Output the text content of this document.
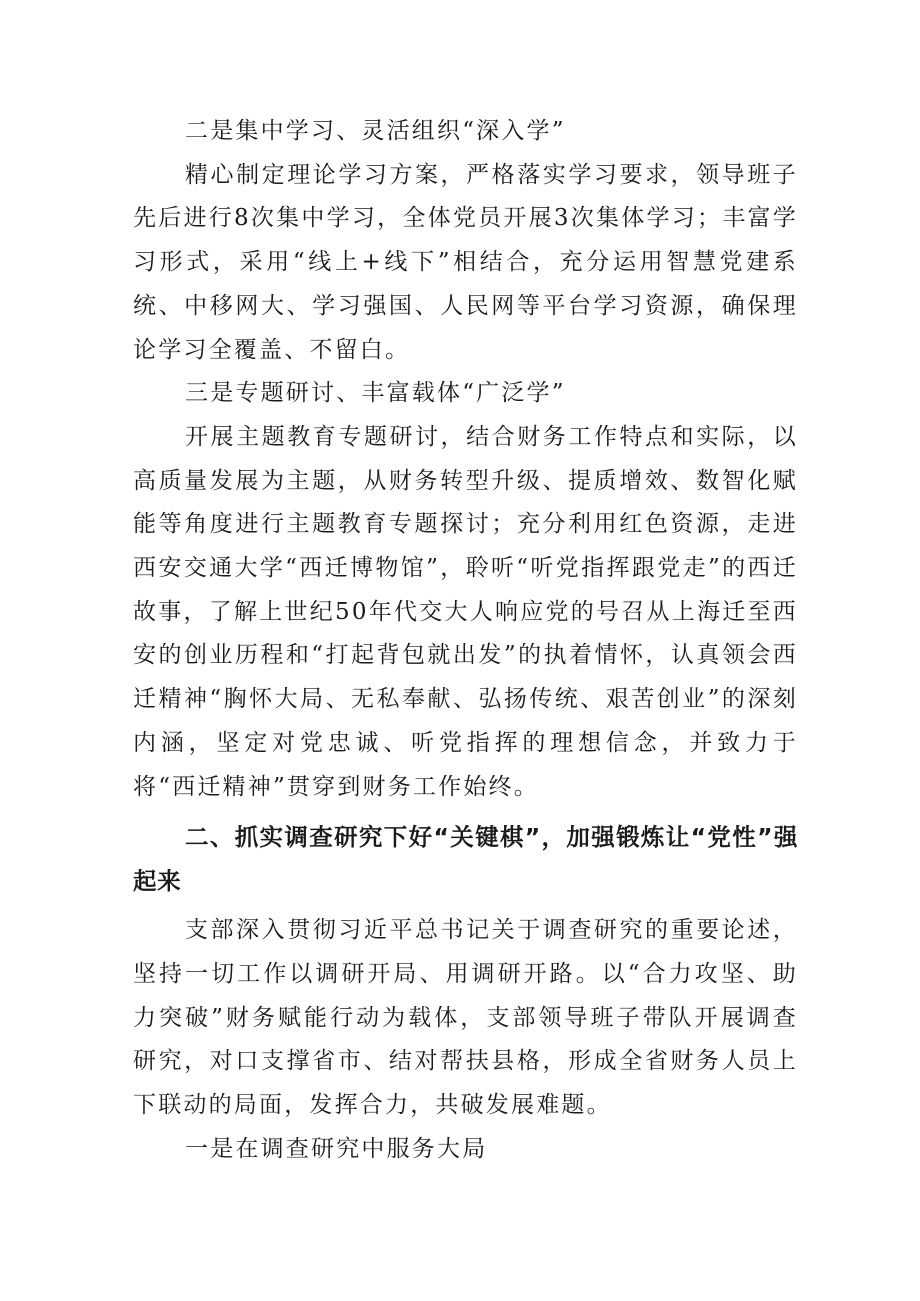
二是集中学习、灵活组织“深入学”

精心制定理论学习方案，严格落实学习要求，领导班子先后进行8次集中学习，全体党员开展3次集体学习；丰富学习形式，采用“线上+线下”相结合，充分运用智慧党建系统、中移网大、学习强国、人民网等平台学习资源，确保理论学习全覆盖、不留白。

三是专题研讨、丰富载体“广泛学”

开展主题教育专题研讨，结合财务工作特点和实际，以高质量发展为主题，从财务转型升级、提质增效、数智化赋能等角度进行主题教育专题探讨；充分利用红色资源，走进西安交通大学“西迁博物馆”，聆听“听党指挥跟党走”的西迁故事，了解上世纪50年代交大人响应党的号召从上海迁至西安的创业历程和“打起背包就出发”的执着情怀，认真领会西迁精神“胸怀大局、无私奉献、弘扬传统、艰苦创业”的深刻内涵，坚定对党忠诚、听党指挥的理想信念，并致力于将“西迁精神”贯穿到财务工作始终。

二、抓实调查研究下好“关键棋”，加强锻炼让“党性”强起来

支部深入贯彻习近平总书记关于调查研究的重要论述，坚持一切工作以调研开局、用调研开路。以“合力攻坚、助力突破”财务赋能行动为载体，支部领导班子带队开展调查研究，对口支撑省市、结对帮扶县格，形成全省财务人员上下联动的局面，发挥合力，共破发展难题。

一是在调查研究中服务大局
